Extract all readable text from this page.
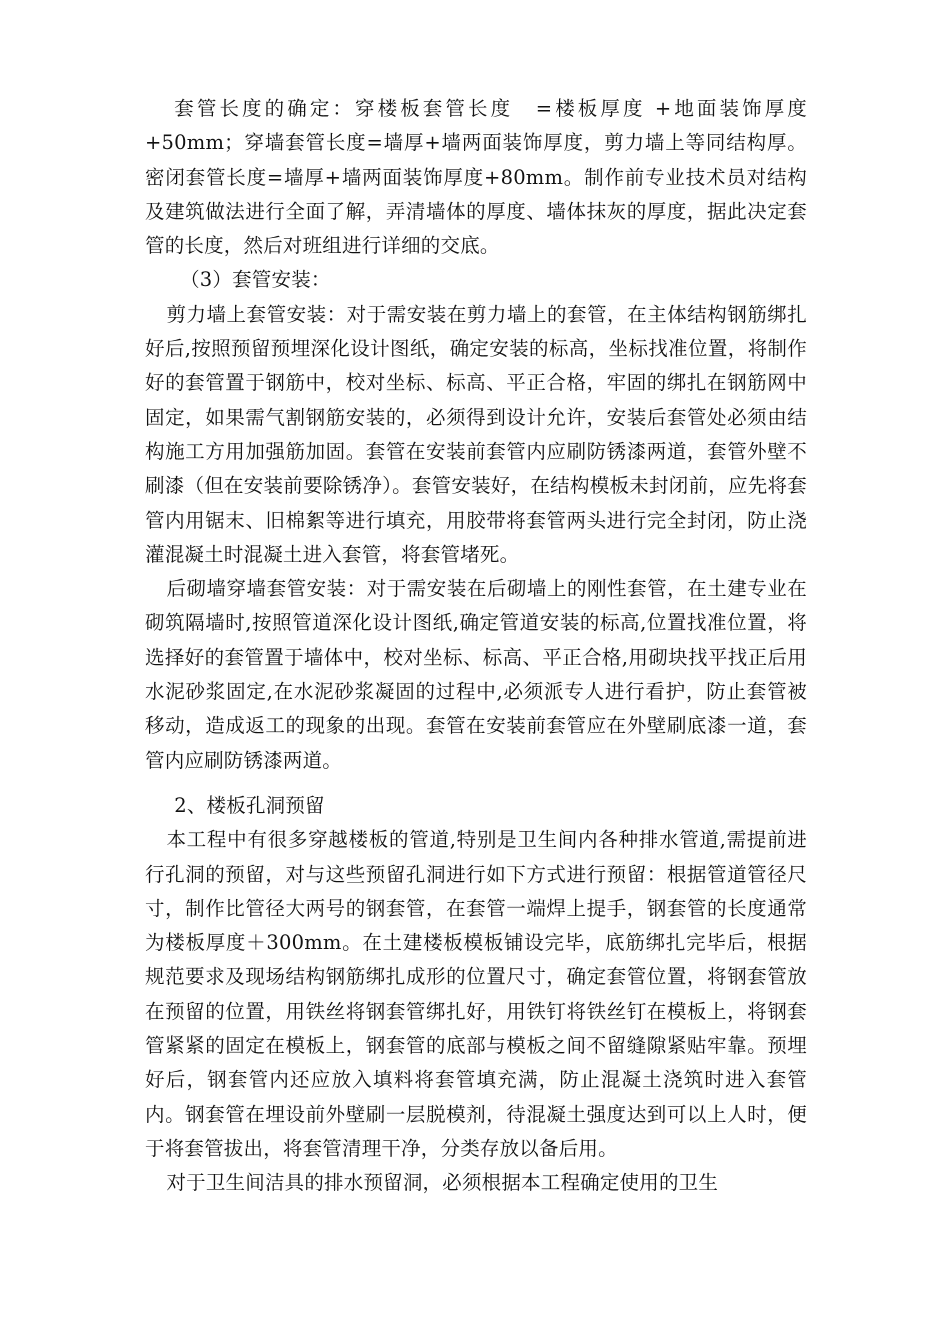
套管长度的确定：穿楼板套管长度　=楼板厚度 +地面装饰厚度 +50mm；穿墙套管长度=墙厚+墙两面装饰厚度，剪力墙上等同结构厚。密闭套管长度=墙厚+墙两面装饰厚度+80mm。制作前专业技术员对结构及建筑做法进行全面了解，弄清墙体的厚度、墙体抹灰的厚度，据此决定套管的长度，然后对班组进行详细的交底。

（3）套管安装：

剪力墙上套管安装：对于需安装在剪力墙上的套管，在主体结构钢筋绑扎好后,按照预留预埋深化设计图纸，确定安装的标高，坐标找准位置，将制作好的套管置于钢筋中，校对坐标、标高、平正合格，牢固的绑扎在钢筋网中固定，如果需气割钢筋安装的，必须得到设计允许，安装后套管处必须由结构施工方用加强筋加固。套管在安装前套管内应刷防锈漆两道，套管外壁不刷漆（但在安装前要除锈净）。套管安装好，在结构模板未封闭前，应先将套管内用锯末、旧棉絮等进行填充，用胶带将套管两头进行完全封闭，防止浇灌混凝土时混凝土进入套管，将套管堵死。

后砌墙穿墙套管安装：对于需安装在后砌墙上的刚性套管，在土建专业在砌筑隔墙时,按照管道深化设计图纸,确定管道安装的标高,位置找准位置，将选择好的套管置于墙体中，校对坐标、标高、平正合格,用砌块找平找正后用水泥砂浆固定,在水泥砂浆凝固的过程中,必须派专人进行看护，防止套管被移动，造成返工的现象的出现。套管在安装前套管应在外壁刷底漆一道，套管内应刷防锈漆两道。

2、楼板孔洞预留

本工程中有很多穿越楼板的管道,特别是卫生间内各种排水管道,需提前进行孔洞的预留，对与这些预留孔洞进行如下方式进行预留：根据管道管径尺寸，制作比管径大两号的钢套管，在套管一端焊上提手，钢套管的长度通常为楼板厚度＋300mm。在土建楼板模板铺设完毕，底筋绑扎完毕后，根据规范要求及现场结构钢筋绑扎成形的位置尺寸，确定套管位置，将钢套管放在预留的位置，用铁丝将钢套管绑扎好，用铁钉将铁丝钉在模板上，将钢套管紧紧的固定在模板上，钢套管的底部与模板之间不留缝隙紧贴牢靠。预埋好后，钢套管内还应放入填料将套管填充满，防止混凝土浇筑时进入套管内。钢套管在埋设前外壁刷一层脱模剂，待混凝土强度达到可以上人时，便于将套管拔出，将套管清理干净，分类存放以备后用。

对于卫生间洁具的排水预留洞，必须根据本工程确定使用的卫生
